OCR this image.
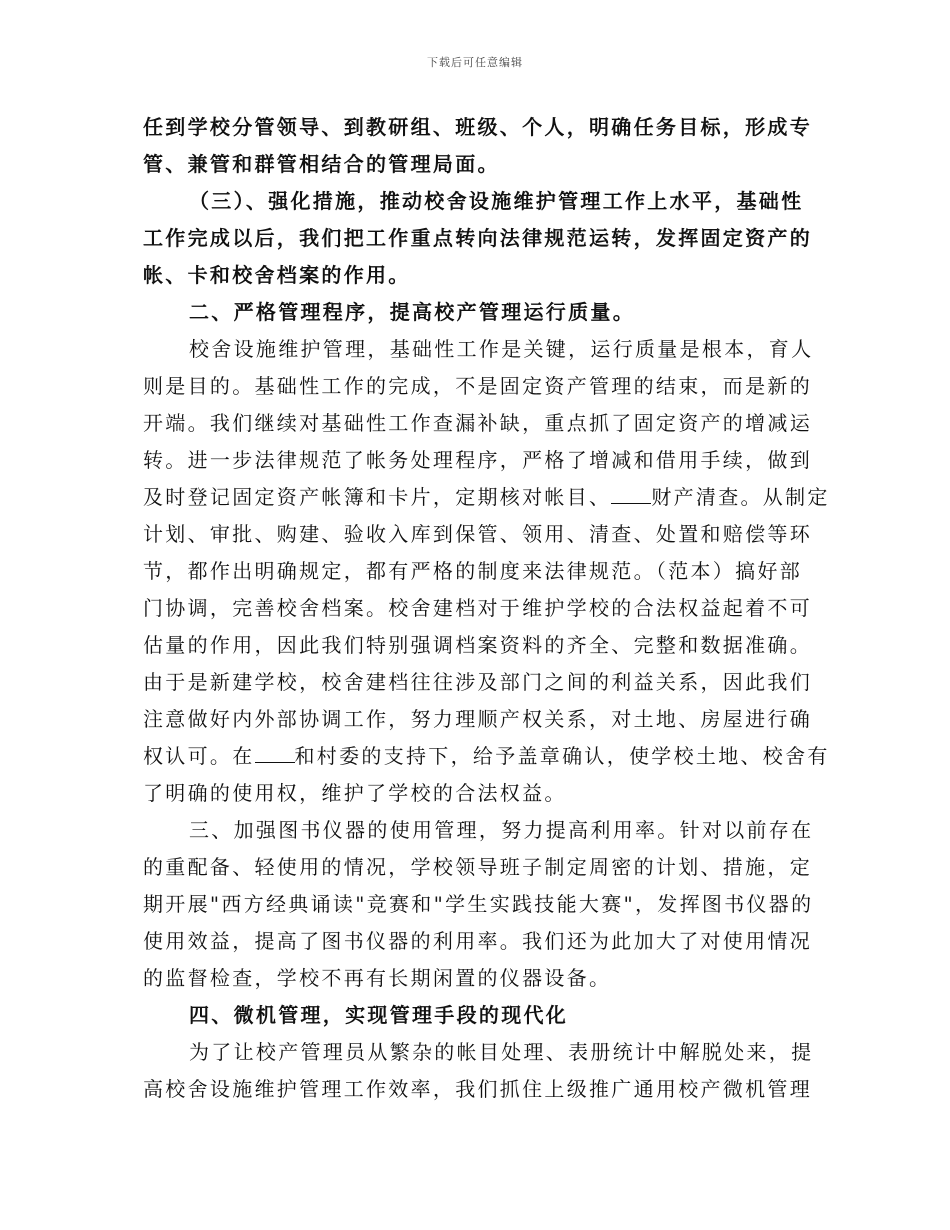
下载后可任意编辑
任到学校分管领导、到教研组、班级、个人，明确任务目标，形成专
管、兼管和群管相结合的管理局面。
（三）、强化措施，推动校舍设施维护管理工作上水平，基础性
工作完成以后，我们把工作重点转向法律规范运转，发挥固定资产的
帐、卡和校舍档案的作用。
二、严格管理程序，提高校产管理运行质量。
校舍设施维护管理，基础性工作是关键，运行质量是根本，育人
则是目的。基础性工作的完成，不是固定资产管理的结束，而是新的
开端。我们继续对基础性工作查漏补缺，重点抓了固定资产的增减运
转。进一步法律规范了帐务处理程序，严格了增减和借用手续，做到
及时登记固定资产帐簿和卡片，定期核对帐目、 财产清查。从制定
计划、审批、购建、验收入库到保管、领用、清查、处置和赔偿等环
节，都作出明确规定，都有严格的制度来法律规范。（范本）搞好部
门协调，完善校舍档案。校舍建档对于维护学校的合法权益起着不可
估量的作用，因此我们特别强调档案资料的齐全、完整和数据准确。
由于是新建学校，校舍建档往往涉及部门之间的利益关系，因此我们
注意做好内外部协调工作，努力理顺产权关系，对土地、房屋进行确
权认可。在 和村委的支持下，给予盖章确认，使学校土地、校舍有
了明确的使用权，维护了学校的合法权益。
三、加强图书仪器的使用管理，努力提高利用率。针对以前存在
的重配备、轻使用的情况，学校领导班子制定周密的计划、措施，定
期开展"西方经典诵读"竞赛和"学生实践技能大赛"，发挥图书仪器的
使用效益，提高了图书仪器的利用率。我们还为此加大了对使用情况
的监督检查，学校不再有长期闲置的仪器设备。
四、微机管理，实现管理手段的现代化
为了让校产管理员从繁杂的帐目处理、表册统计中解脱处来，提
高校舍设施维护管理工作效率，我们抓住上级推广通用校产微机管理
